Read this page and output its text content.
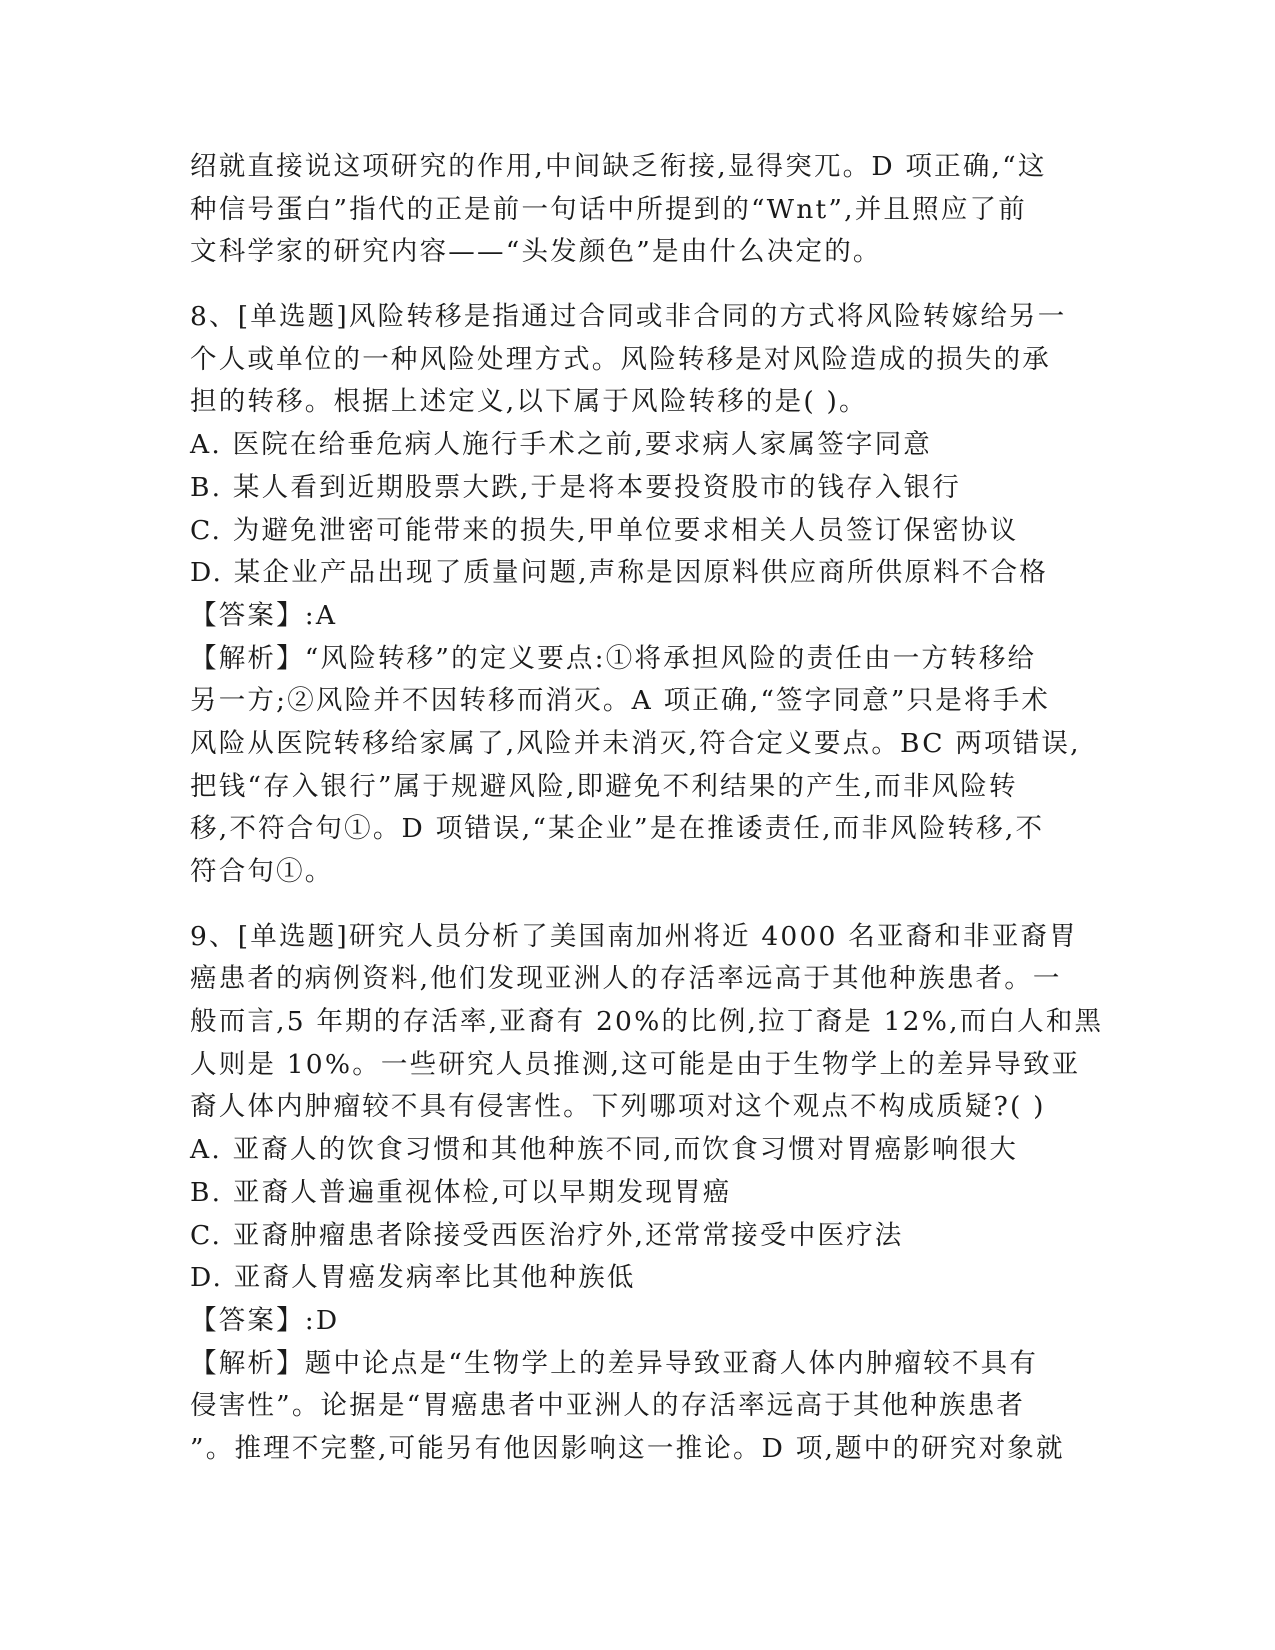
绍就直接说这项研究的作用,中间缺乏衔接,显得突兀。D 项正确,“这
种信号蛋白”指代的正是前一句话中所提到的“Wnt”,并且照应了前
文科学家的研究内容——“头发颜色”是由什么决定的。
8、[单选题]风险转移是指通过合同或非合同的方式将风险转嫁给另一
个人或单位的一种风险处理方式。风险转移是对风险造成的损失的承
担的转移。根据上述定义,以下属于风险转移的是( )。
A. 医院在给垂危病人施行手术之前,要求病人家属签字同意
B. 某人看到近期股票大跌,于是将本要投资股市的钱存入银行
C. 为避免泄密可能带来的损失,甲单位要求相关人员签订保密协议
D. 某企业产品出现了质量问题,声称是因原料供应商所供原料不合格
【答案】:A
【解析】“风险转移”的定义要点:①将承担风险的责任由一方转移给
另一方;②风险并不因转移而消灭。A 项正确,“签字同意”只是将手术
风险从医院转移给家属了,风险并未消灭,符合定义要点。BC 两项错误,
把钱“存入银行”属于规避风险,即避免不利结果的产生,而非风险转
移,不符合句①。D 项错误,“某企业”是在推诿责任,而非风险转移,不
符合句①。
9、[单选题]研究人员分析了美国南加州将近 4000 名亚裔和非亚裔胃
癌患者的病例资料,他们发现亚洲人的存活率远高于其他种族患者。一
般而言,5 年期的存活率,亚裔有 20%的比例,拉丁裔是 12%,而白人和黑
人则是 10%。一些研究人员推测,这可能是由于生物学上的差异导致亚
裔人体内肿瘤较不具有侵害性。下列哪项对这个观点不构成质疑?( )
A. 亚裔人的饮食习惯和其他种族不同,而饮食习惯对胃癌影响很大
B. 亚裔人普遍重视体检,可以早期发现胃癌
C. 亚裔肿瘤患者除接受西医治疗外,还常常接受中医疗法
D. 亚裔人胃癌发病率比其他种族低
【答案】:D
【解析】题中论点是“生物学上的差异导致亚裔人体内肿瘤较不具有
侵害性”。论据是“胃癌患者中亚洲人的存活率远高于其他种族患者
”。推理不完整,可能另有他因影响这一推论。D 项,题中的研究对象就
